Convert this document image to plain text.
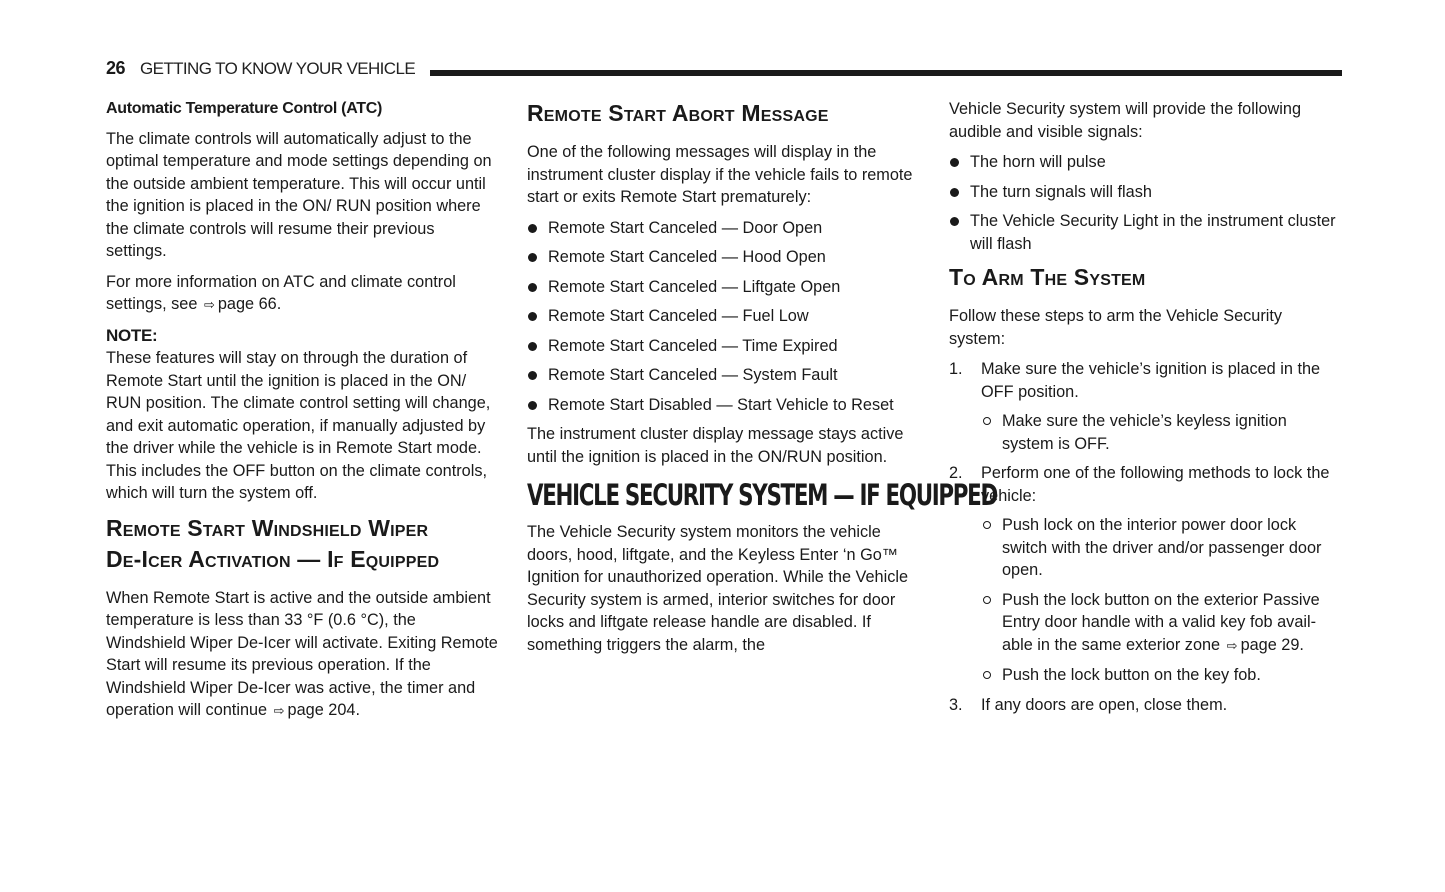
26 GETTING TO KNOW YOUR VEHICLE
Automatic Temperature Control (ATC)

The climate controls will automatically adjust to the optimal temperature and mode settings depending on the outside ambient temperature. This will occur until the ignition is placed in the ON/ RUN position where the climate controls will resume their previous settings.

For more information on ATC and climate control settings, see ⇨ page 66.

NOTE:

These features will stay on through the duration of Remote Start until the ignition is placed in the ON/ RUN position. The climate control setting will change, and exit automatic operation, if manually adjusted by the driver while the vehicle is in Remote Start mode. This includes the OFF button on the climate controls, which will turn the system off.

Remote Start Windshield Wiper
De-Icer Activation — If Equipped

When Remote Start is active and the outside ambient temperature is less than 33 °F (0.6 °C), the Windshield Wiper De-Icer will activate. Exiting Remote Start will resume its previous operation. If the Windshield Wiper De-Icer was active, the timer and operation will continue ⇨ page 204.

Remote Start Abort Message

One of the following messages will display in the instrument cluster display if the vehicle fails to remote start or exits Remote Start prematurely:

Remote Start Canceled — Door Open
Remote Start Canceled — Hood Open
Remote Start Canceled — Liftgate Open
Remote Start Canceled — Fuel Low
Remote Start Canceled — Time Expired
Remote Start Canceled — System Fault
Remote Start Disabled — Start Vehicle to Reset

The instrument cluster display message stays active until the ignition is placed in the ON/RUN position.

VEHICLE SECURITY SYSTEM — IF EQUIPPED

The Vehicle Security system monitors the vehicle doors, hood, liftgate, and the Keyless Enter ‘n Go™ Ignition for unauthorized operation. While the Vehicle Security system is armed, interior switches for door locks and liftgate release handle are disabled. If something triggers the alarm, the

Vehicle Security system will provide the following audible and visible signals:

The horn will pulse
The turn signals will flash
The Vehicle Security Light in the instrument cluster will flash
To Arm The System

Follow these steps to arm the Vehicle Security system:

1. Make sure the vehicle’s ignition is placed in the OFF position.
Make sure the vehicle’s keyless ignition system is OFF.
2. Perform one of the following methods to lock the vehicle:
Push lock on the interior power door lock switch with the driver and/or passenger door open.
Push the lock button on the exterior Passive Entry door handle with a valid key fob avail-able in the same exterior zone ⇨ page 29.
Push the lock button on the key fob.
3. If any doors are open, close them.
